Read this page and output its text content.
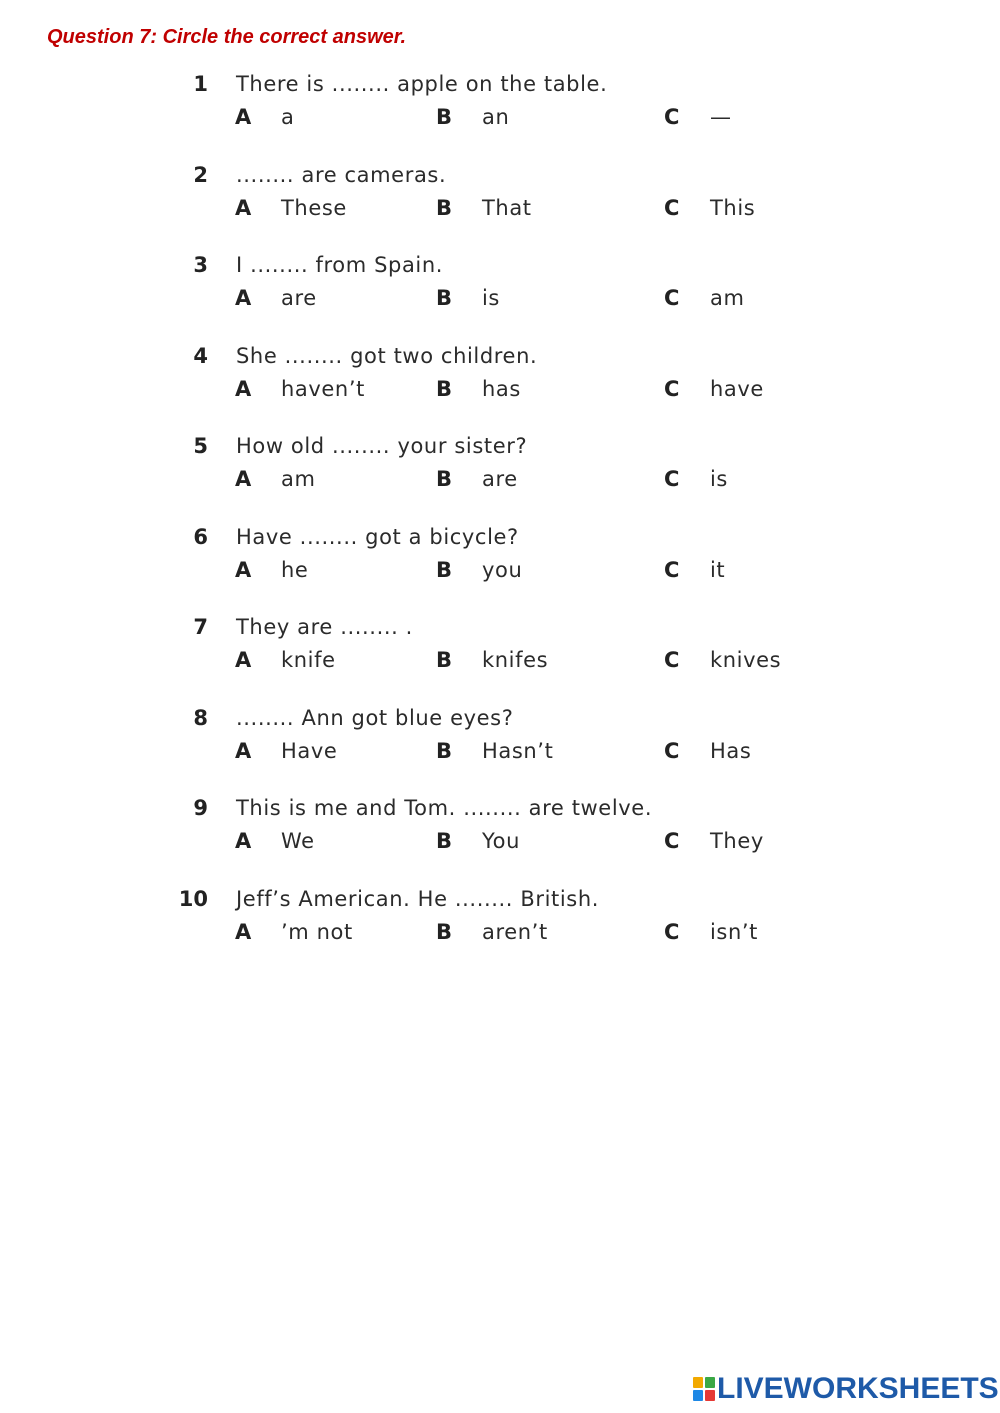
Question 7: Circle the correct answer.
1 There is ........ apple on the table.
A a	B an	C —
2 ........ are cameras.
A These	B That	C This
3 I ........ from Spain.
A are	B is	C am
4 She ........ got two children.
A haven’t	B has	C have
5 How old ........ your sister?
A am	B are	C is
6 Have ........ got a bicycle?
A he	B you	C it
7 They are ........ .
A knife	B knifes	C knives
8 ........ Ann got blue eyes?
A Have	B Hasn’t	C Has
9 This is me and Tom. ........ are twelve.
A We	B You	C They
10 Jeff’s American. He ........ British.
A ’m not	B aren’t	C isn’t
LIVEWORKSHEETS
